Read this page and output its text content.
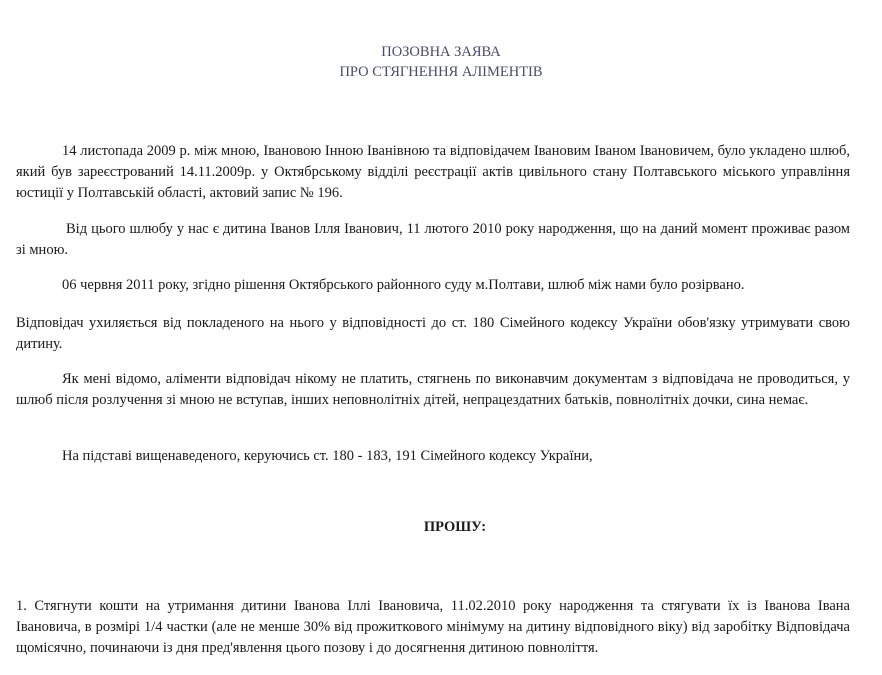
ПОЗОВНА ЗАЯВА
ПРО СТЯГНЕННЯ АЛІМЕНТІВ

14 листопада 2009 р. між мною, Івановою Інною Іванівною та відповідачем Івановим Іваном Івановичем, було укладено шлюб, який був зареєстрований 14.11.2009р. у Октябрському відділі реєстрації актів цивільного стану Полтавського міського управління юстиції у Полтавській області, актовий запис № 196.

Від цього шлюбу у нас є дитина Іванов Ілля Іванович, 11 лютого 2010 року народження, що на даний момент проживає разом зі мною.

06 червня 2011 року, згідно рішення Октябрського районного суду м.Полтави, шлюб між нами було розірвано.

Відповідач ухиляється від покладеного на нього у відповідності до ст. 180 Сімейного кодексу України обов'язку утримувати свою дитину.

Як мені відомо, аліменти відповідач нікому не платить, стягнень по виконавчим документам з відповідача не проводиться, у шлюб після розлучення зі мною не вступав, інших неповнолітніх дітей, непрацездатних батьків, повнолітніх дочки, сина немає.

На підставі вищенаведеного, керуючись ст. 180 - 183, 191 Сімейного кодексу України,

ПРОШУ:

1. Стягнути кошти на утримання дитини Іванова Іллі Івановича, 11.02.2010 року народження та стягувати їх із Іванова Івана Івановича, в розмірі 1/4 частки (але не менше 30% від прожиткового мінімуму на дитину відповідного віку) від заробітку Відповідача щомісячно, починаючи із дня пред'явлення цього позову і до досягнення дитиною повноліття.
